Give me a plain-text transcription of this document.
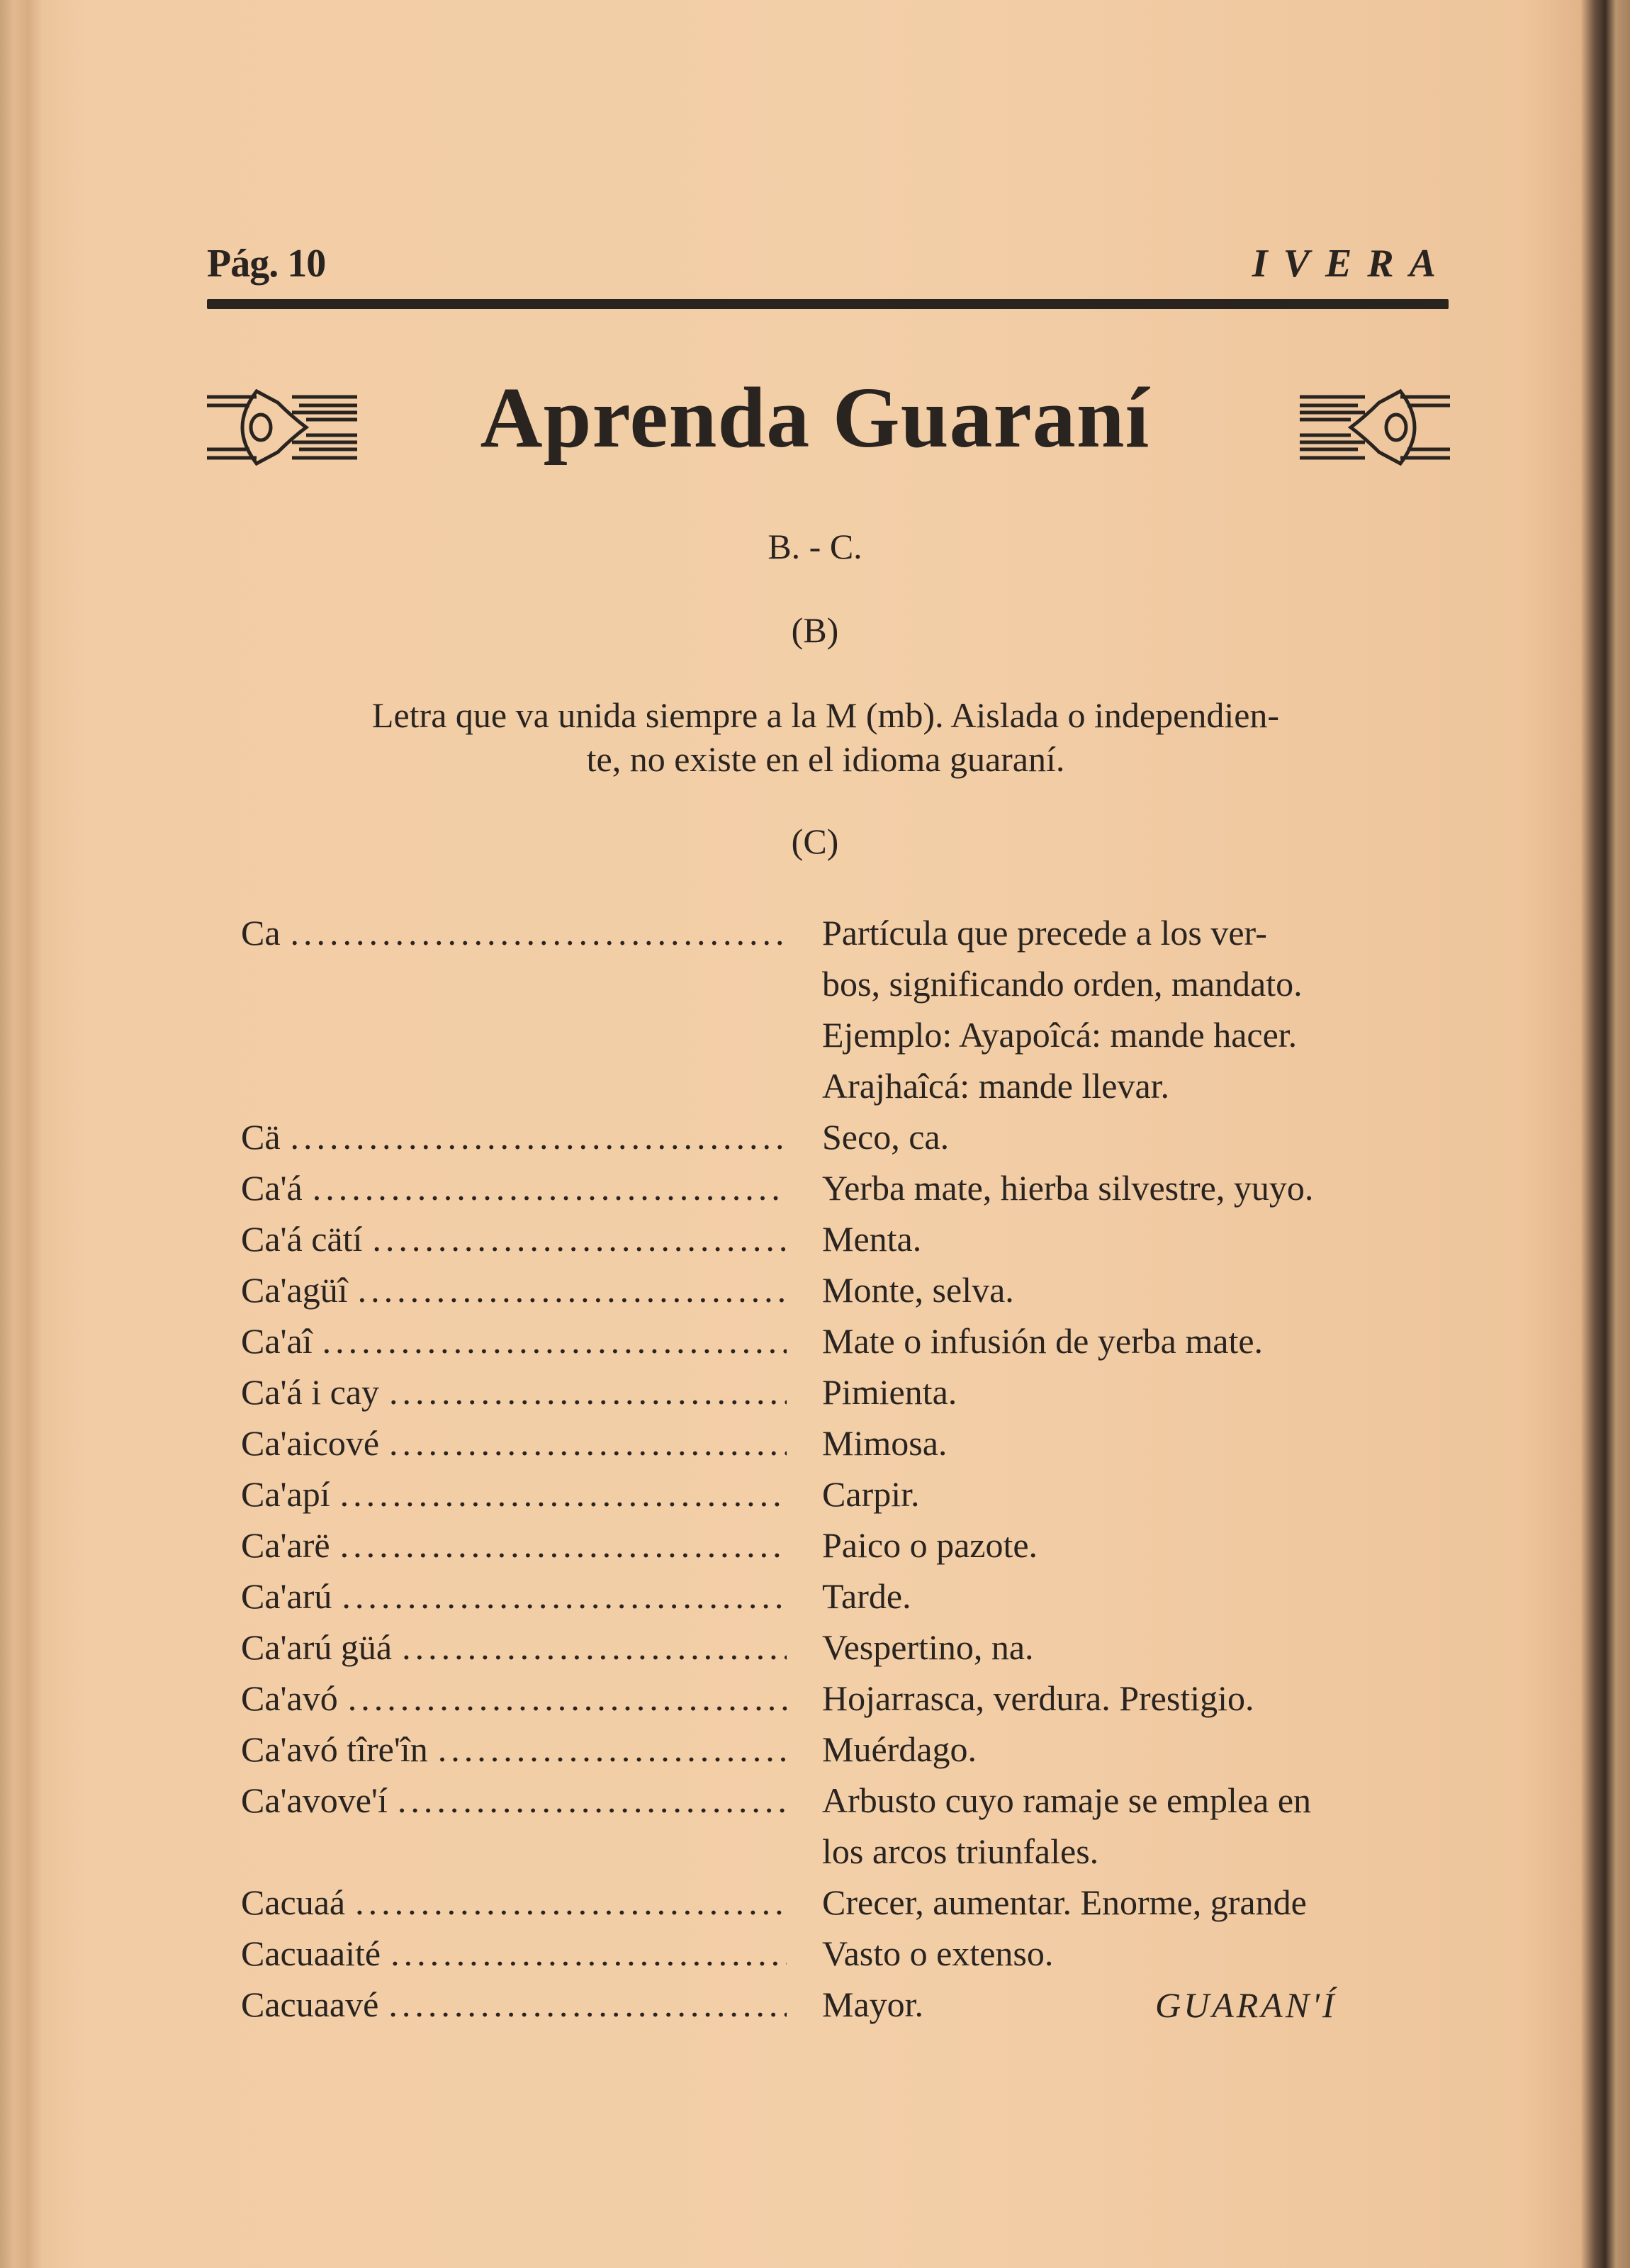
Pág. 10	IVERA
Aprenda Guaraní
B. - C.
(B)
Letra que va unida siempre a la M (mb). Aislada o independien-
te, no existe en el idioma guaraní.
(C)
Ca .....	Partícula que precede a los ver-
bos, significando orden, mandato.
Ejemplo: Ayapoîcá: mande hacer.
Arajhaîcá: mande llevar.
Cä .....	Seco, ca.
Ca'á .....	Yerba mate, hierba silvestre, yuyo.
Ca'á cätí .....	Menta.
Ca'agüî .....	Monte, selva.
Ca'aî .....	Mate o infusión de yerba mate.
Ca'á i cay .....	Pimienta.
Ca'aicové .....	Mimosa.
Ca'apí .....	Carpir.
Ca'arë .....	Paico o pazote.
Ca'arú .....	Tarde.
Ca'arú güá .....	Vespertino, na.
Ca'avó .....	Hojarrasca, verdura. Prestigio.
Ca'avó tîre'în .....	Muérdago.
Ca'avove'í .....	Arbusto cuyo ramaje se emplea en
los arcos triunfales.
Cacuaá .....	Crecer, aumentar. Enorme, grande
Cacuaaité .....	Vasto o extenso.
Cacuaavé .....	Mayor.	GUARAN'Í
